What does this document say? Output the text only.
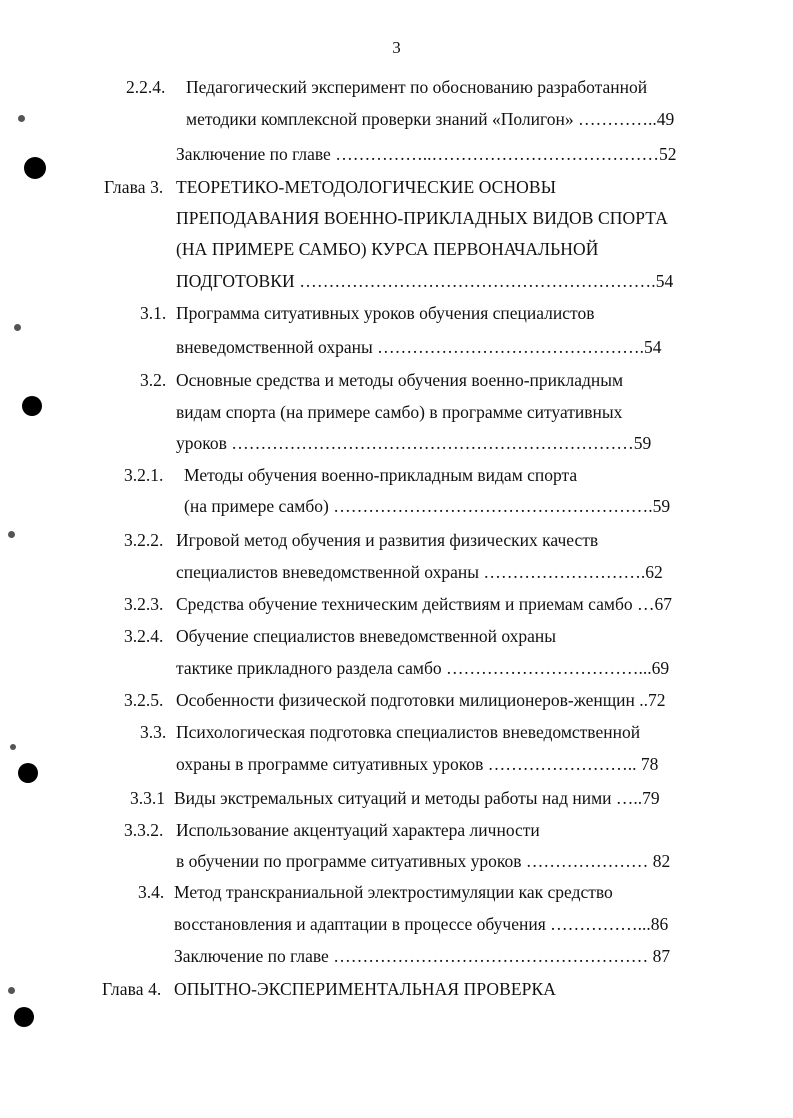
3
2.2.4. Педагогический эксперимент по обоснованию разработанной
методики комплексной проверки знаний «Полигон» …………..49
Заключение по главе ……………..…………………………………52
Глава 3. ТЕОРЕТИКО-МЕТОДОЛОГИЧЕСКИЕ ОСНОВЫ
ПРЕПОДАВАНИЯ ВОЕННО-ПРИКЛАДНЫХ ВИДОВ СПОРТА
(НА ПРИМЕРЕ САМБО) КУРСА ПЕРВОНАЧАЛЬНОЙ
ПОДГОТОВКИ …………………………………………………….54
3.1. Программа ситуативных уроков обучения специалистов
вневедомственной охраны ……………………………………….54
3.2. Основные средства и методы обучения военно-прикладным
видам спорта (на примере самбо) в программе ситуативных
уроков ……………………………………………………………59
3.2.1. Методы обучения военно-прикладным видам спорта
(на примере самбо) ……………………………………………….59
3.2.2. Игровой метод обучения и развития физических качеств
специалистов вневедомственной охраны ……………………….62
3.2.3. Средства обучение техническим действиям и приемам самбо …67
3.2.4. Обучение специалистов вневедомственной охраны
тактике прикладного раздела самбо ……………………………...69
3.2.5. Особенности физической подготовки милиционеров-женщин ..72
3.3. Психологическая подготовка специалистов вневедомственной
охраны в программе ситуативных уроков …………………….. 78
3.3.1 Виды экстремальных ситуаций и методы работы над ними …..79
3.3.2. Использование акцентуаций характера личности
в обучении по программе ситуативных уроков ………………… 82
3.4. Метод транскраниальной электростимуляции как средство
восстановления и адаптации в процессе обучения ……………...86
Заключение по главе ……………………………………………… 87
Глава 4. ОПЫТНО-ЭКСПЕРИМЕНТАЛЬНАЯ ПРОВЕРКА
